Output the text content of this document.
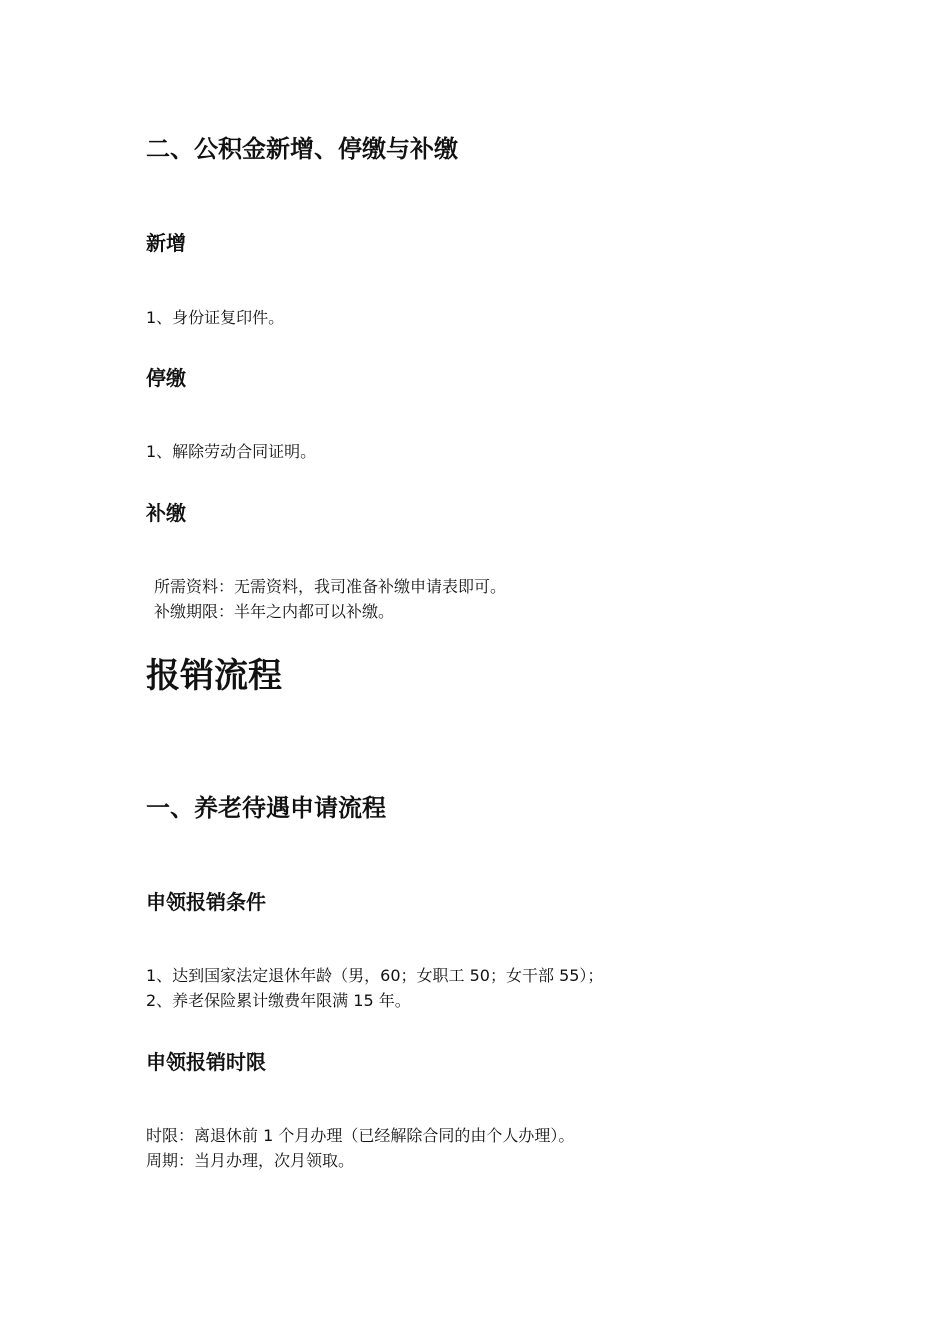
二、公积金新增、停缴与补缴
新增

1、身份证复印件。

停缴

1、解除劳动合同证明。

补缴

所需资料：无需资料，我司准备补缴申请表即可。

补缴期限：半年之内都可以补缴。

报销流程
一、养老待遇申请流程
申领报销条件

1、达到国家法定退休年龄（男，60；女职工 50；女干部 55）；

2、养老保险累计缴费年限满 15 年。

申领报销时限

时限：离退休前 1 个月办理（已经解除合同的由个人办理）。

周期：当月办理，次月领取。
